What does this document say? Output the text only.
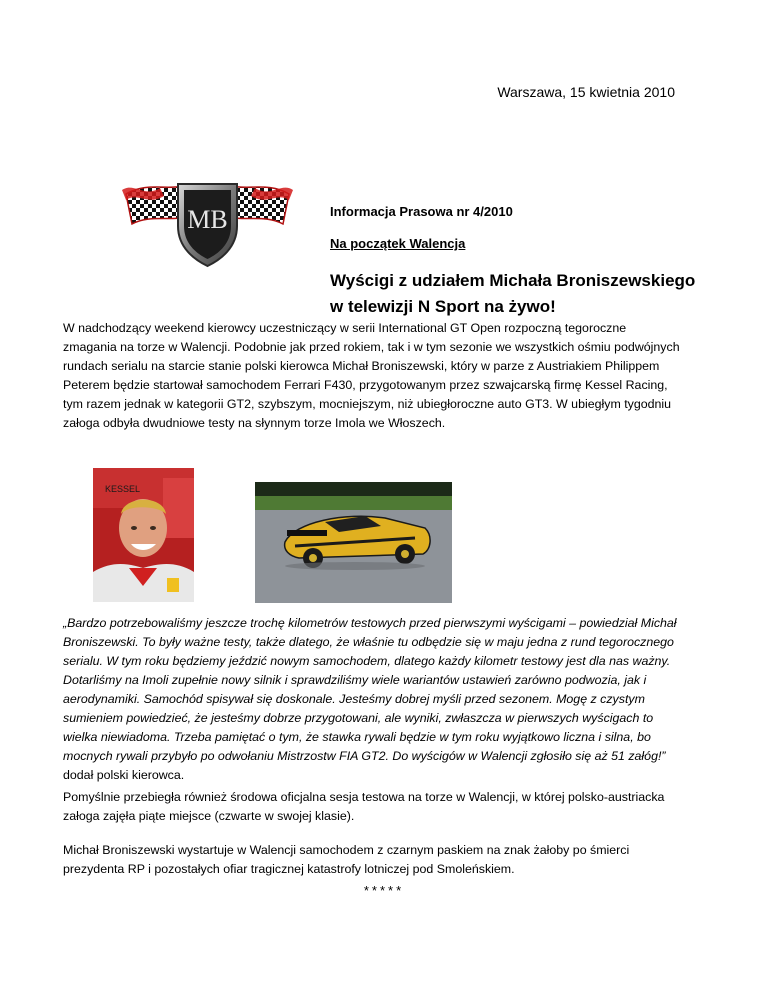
Warszawa, 15 kwietnia 2010
MB	Informacja Prasowa nr 4/2010

Na początek Walencja

Wyścigi z udziałem Michała Broniszewskiego
w telewizji N Sport na żywo!

W nadchodzący weekend kierowcy uczestniczący w serii International GT Open rozpoczną tegoroczne zmagania na torze w Walencji. Podobnie jak przed rokiem, tak i w tym sezonie we wszystkich ośmiu podwójnych rundach serialu na starcie stanie polski kierowca Michał Broniszewski, który w parze z Austriakiem Philippem Peterem będzie startował samochodem Ferrari F430, przygotowanym przez szwajcarską firmę Kessel Racing, tym razem jednak w kategorii GT2, szybszym, mocniejszym, niż ubiegłoroczne auto GT3. W ubiegłym tygodniu załoga odbyła dwudniowe testy na słynnym torze Imola we Włoszech.

KESSEL

„Bardzo potrzebowaliśmy jeszcze trochę kilometrów testowych przed pierwszymi wyścigami – powiedział Michał Broniszewski. To były ważne testy, także dlatego, że właśnie tu odbędzie się w maju jedna z rund tegorocznego serialu. W tym roku będziemy jeździć nowym samochodem, dlatego każdy kilometr testowy jest dla nas ważny. Dotarliśmy na Imoli zupełnie nowy silnik i sprawdziliśmy wiele wariantów ustawień zarówno podwozia, jak i aerodynamiki. Samochód spisywał się doskonale. Jesteśmy dobrej myśli przed sezonem. Mogę z czystym sumieniem powiedzieć, że jesteśmy dobrze przygotowani, ale wyniki, zwłaszcza w pierwszych wyścigach to wielka niewiadoma. Trzeba pamiętać o tym, że stawka rywali będzie w tym roku wyjątkowo liczna i silna, bo mocnych rywali przybyło po odwołaniu Mistrzostw FIA GT2. Do wyścigów w Walencji zgłosiło się aż 51 załóg!” dodał polski kierowca.

Pomyślnie przebiegła również środowa oficjalna sesja testowa na torze w Walencji, w której polsko-austriacka załoga zajęła piąte miejsce (czwarte w swojej klasie).

Michał Broniszewski wystartuje w Walencji samochodem z czarnym paskiem na znak żałoby po śmierci prezydenta RP i pozostałych ofiar tragicznej katastrofy lotniczej pod Smoleńskiem.

*****
